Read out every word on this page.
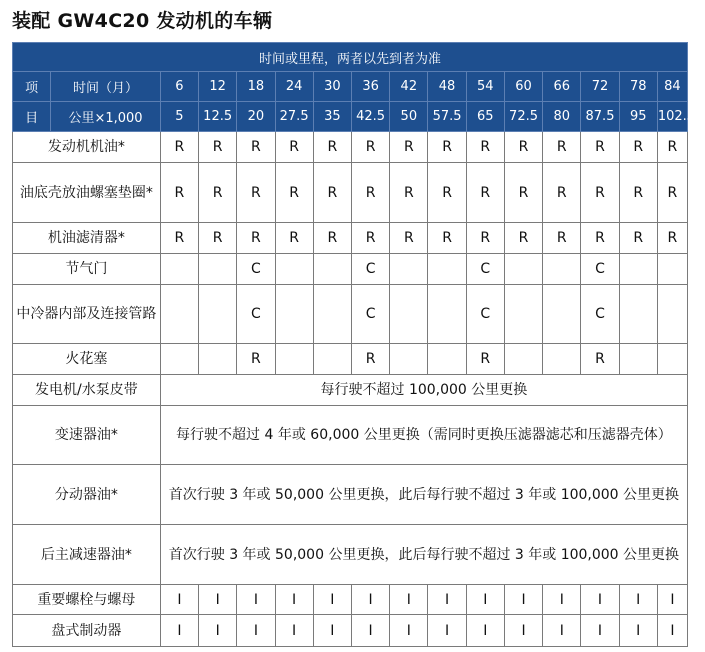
装配 GW4C20 发动机的车辆
时间或里程，两者以先到者为准															
项	时间（月）	6	12	18	24	30	36	42	48	54	60	66	72	78	84
目	公里×1,000	5	12.5	20	27.5	35	42.5	50	57.5	65	72.5	80	87.5	95	102.5
发动机机油*		R	R	R	R	R	R	R	R	R	R	R	R	R	R
油底壳放油螺塞垫圈*		R	R	R	R	R	R	R	R	R	R	R	R	R	R
机油滤清器*		R	R	R	R	R	R	R	R	R	R	R	R	R	R
节气门				C			C			C			C		
中冷器内部及连接管路				C			C			C			C		
火花塞				R			R			R			R		
发电机/水泵皮带		每行驶不超过 100,000 公里更换													
变速器油*		每行驶不超过 4 年或 60,000 公里更换（需同时更换压滤器滤芯和压滤器壳体）													
分动器油*		首次行驶 3 年或 50,000 公里更换，此后每行驶不超过 3 年或 100,000 公里更换													
后主减速器油*		首次行驶 3 年或 50,000 公里更换，此后每行驶不超过 3 年或 100,000 公里更换													
重要螺栓与螺母		I	I	I	I	I	I	I	I	I	I	I	I	I	I
盘式制动器		I	I	I	I	I	I	I	I	I	I	I	I	I	I
